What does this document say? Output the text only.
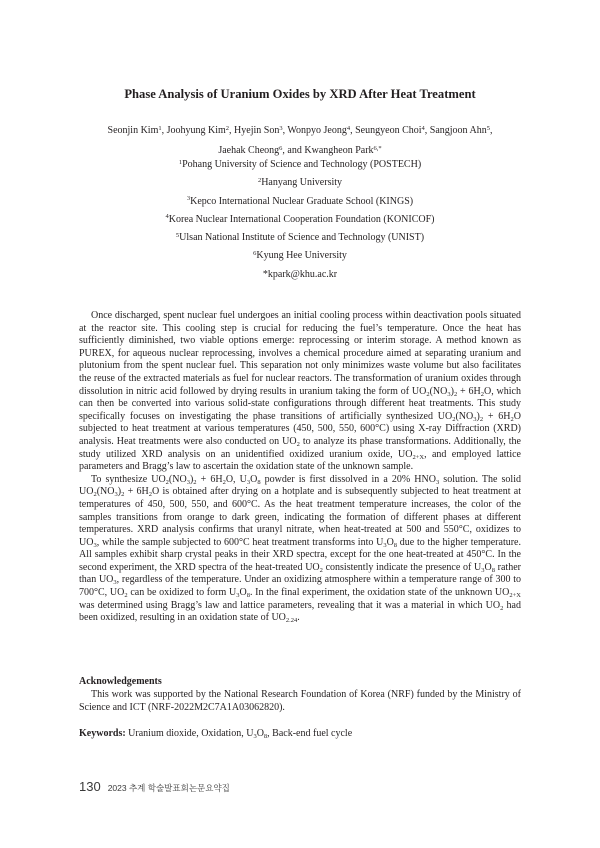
Phase Analysis of Uranium Oxides by XRD After Heat Treatment
Seonjin Kim$^1$, Joohyung Kim$^2$, Hyejin Son$^3$, Wonpyo Jeong$^4$, Seungyeon Choi$^4$, Sangjoon Ahn$^5$,
Jaehak Cheong$^6$, and Kwangheon Park$^{6,*}$
$^1$Pohang University of Science and Technology (POSTECH)
$^2$Hanyang University
$^3$Kepco International Nuclear Graduate School (KINGS)
$^4$Korea Nuclear International Cooperation Foundation (KONICOF)
$^5$Ulsan National Institute of Science and Technology (UNIST)
$^6$Kyung Hee University
*kpark@khu.ac.kr

Once discharged, spent nuclear fuel undergoes an initial cooling process within deactivation pools situated at the reactor site. This cooling step is crucial for reducing the fuel’s temperature. Once the heat has sufficiently diminished, two viable options emerge: reprocessing or interim storage. A method known as PUREX, for aqueous nuclear reprocessing, involves a chemical procedure aimed at separating uranium and plutonium from the spent nuclear fuel. This separation not only minimizes waste volume but also facilitates the reuse of the extracted materials as fuel for nuclear reactors. The transformation of uranium oxides through dissolution in nitric acid followed by drying results in uranium taking the form of $UO_2(NO_3)_2 + 6H_2O$, which can then be converted into various solid-state configurations through different heat treatments. This study specifically focuses on investigating the phase transitions of artificially synthesized $UO_2(NO_3)_2 + 6H_2O$ subjected to heat treatment at various temperatures (450, 500, 550, 600°C) using X-ray Diffraction (XRD) analysis. Heat treatments were also conducted on $UO_2$ to analyze its phase transformations. Additionally, the study utilized XRD analysis on an unidentified oxidized uranium oxide, $UO_{2+X}$, and employed lattice parameters and Bragg’s law to ascertain the oxidation state of the unknown sample.

To synthesize $UO_2(NO_3)_2 + 6H_2O$, $U_3O_8$ powder is first dissolved in a 20% $HNO_3$ solution. The solid $UO_2(NO_3)_2 + 6H_2O$ is obtained after drying on a hotplate and is subsequently subjected to heat treatment at temperatures of 450, 500, 550, and 600°C. As the heat treatment temperature increases, the color of the samples transitions from orange to dark green, indicating the formation of different phases at different temperatures. XRD analysis confirms that uranyl nitrate, when heat-treated at 500 and 550°C, oxidizes to $UO_3$, while the sample subjected to 600°C heat treatment transforms into $U_3O_8$ due to the higher temperature. All samples exhibit sharp crystal peaks in their XRD spectra, except for the one heat-treated at 450°C. In the second experiment, the XRD spectra of the heat-treated $UO_2$ consistently indicate the presence of $U_3O_8$ rather than $UO_3$, regardless of the temperature. Under an oxidizing atmosphere within a temperature range of 300 to 700°C, $UO_2$ can be oxidized to form $U_3O_8$. In the final experiment, the oxidation state of the unknown $UO_{2+X}$ was determined using Bragg’s law and lattice parameters, revealing that it was a material in which $UO_2$ had been oxidized, resulting in an oxidation state of $UO_{2.24}$.

Acknowledgements

This work was supported by the National Research Foundation of Korea (NRF) funded by the Ministry of Science and ICT (NRF-2022M2C7A1A03062820).

Keywords: Uranium dioxide, Oxidation, $U_3O_8$, Back-end fuel cycle
130 2023 추계 학술발표회논문요약집
